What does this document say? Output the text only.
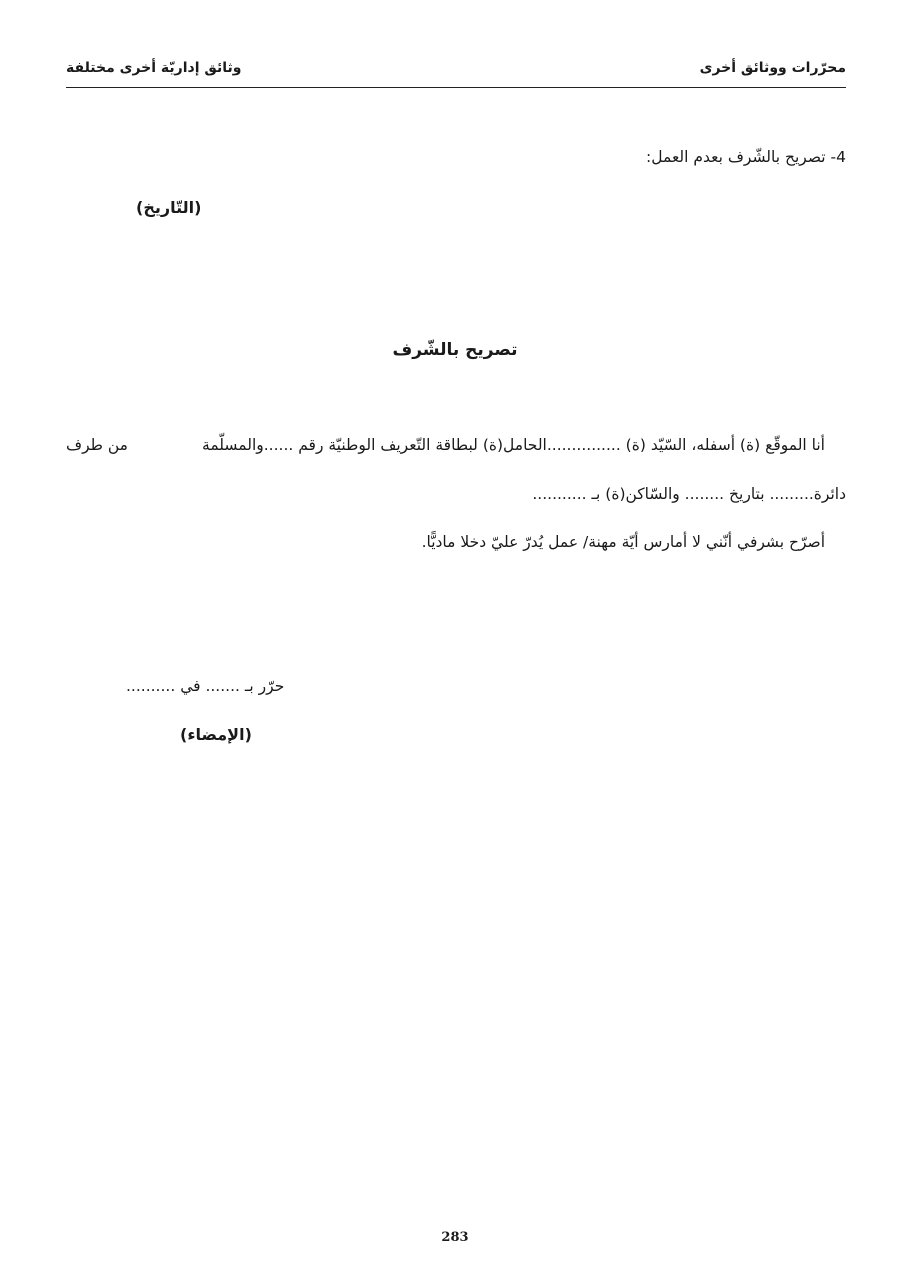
محرّرات ووثائق أخرى
وثائق إداريّة أخرى مختلفة
4- تصريح بالشّرف بعدم العمل:
(التّاريخ)
تصريح بالشّرف
أنا الموقّع (ة) أسفله، السّيّد (ة) ...............الحامل(ة) لبطاقة التّعريف الوطنيّة رقم ......والمسلّمة
من طرف
دائرة......... بتاريخ ........ والسّاكن(ة) بـ ...........
أصرّح بشرفي أنّني لا أمارس أيّة مهنة/ عمل يُدرّ عليّ دخلا ماديًّا.
حرّر بـ ....... في ..........
(الإمضاء)
283
